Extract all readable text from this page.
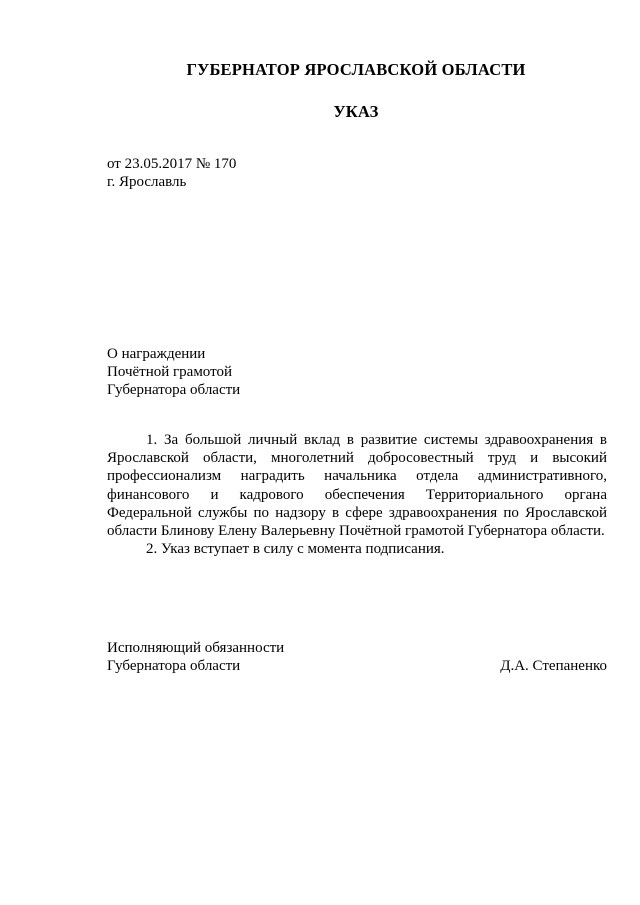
ГУБЕРНАТОР ЯРОСЛАВСКОЙ ОБЛАСТИ
УКАЗ
от 23.05.2017 № 170
г. Ярославль
О награждении
Почётной грамотой
Губернатора области

1. За большой личный вклад в развитие системы здравоохранения в Ярославской области, многолетний добросовестный труд и высокий профессионализм наградить начальника отдела административного, финансового и кадрового обеспечения Территориального органа Федеральной службы по надзору в сфере здравоохранения по Ярославской области Блинову Елену Валерьевну Почётной грамотой Губернатора области.

2. Указ вступает в силу с момента подписания.

Исполняющий обязанности
Губернатора области	Д.А. Степаненко
